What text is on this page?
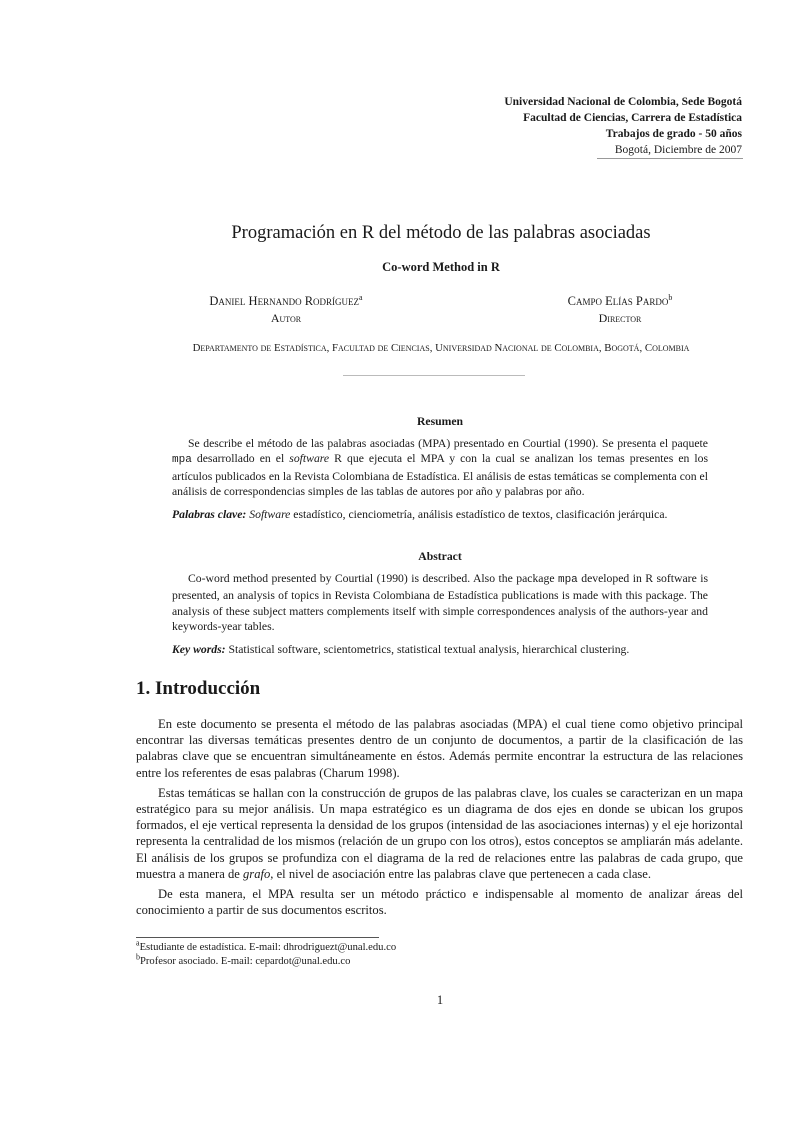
Universidad Nacional de Colombia, Sede Bogotá
Facultad de Ciencias, Carrera de Estadística
Trabajos de grado - 50 años
Bogotá, Diciembre de 2007
Programación en R del método de las palabras asociadas
Co-word Method in R
Daniel Hernando Rodríguez$^a$
Autor
Campo Elías Pardo$^b$
Director
Departamento de Estadística, Facultad de Ciencias, Universidad Nacional de Colombia, Bogotá, Colombia
Resumen
Se describe el método de las palabras asociadas (MPA) presentado en Courtial (1990). Se presenta el paquete mpa desarrollado en el software R que ejecuta el MPA y con la cual se analizan los temas presentes en los artículos publicados en la Revista Colombiana de Estadística. El análisis de estas temáticas se complementa con el análisis de correspondencias simples de las tablas de autores por año y palabras por año.
Palabras clave: Software estadístico, cienciometría, análisis estadístico de textos, clasificación jerárquica.
Abstract
Co-word method presented by Courtial (1990) is described. Also the package mpa developed in R software is presented, an analysis of topics in Revista Colombiana de Estadística publications is made with this package. The analysis of these subject matters complements itself with simple correspondences analysis of the authors-year and keywords-year tables.
Key words: Statistical software, scientometrics, statistical textual analysis, hierarchical clustering.
1. Introducción
En este documento se presenta el método de las palabras asociadas (MPA) el cual tiene como objetivo principal encontrar las diversas temáticas presentes dentro de un conjunto de documentos, a partir de la clasificación de las palabras clave que se encuentran simultáneamente en éstos. Además permite encontrar la estructura de las relaciones entre los referentes de esas palabras (Charum 1998).
Estas temáticas se hallan con la construcción de grupos de las palabras clave, los cuales se caracterizan en un mapa estratégico para su mejor análisis. Un mapa estratégico es un diagrama de dos ejes en donde se ubican los grupos formados, el eje vertical representa la densidad de los grupos (intensidad de las asociaciones internas) y el eje horizontal representa la centralidad de los mismos (relación de un grupo con los otros), estos conceptos se ampliarán más adelante. El análisis de los grupos se profundiza con el diagrama de la red de relaciones entre las palabras de cada grupo, que muestra a manera de grafo, el nivel de asociación entre las palabras clave que pertenecen a cada clase.
De esta manera, el MPA resulta ser un método práctico e indispensable al momento de analizar áreas del conocimiento a partir de sus documentos escritos.
$^a$Estudiante de estadística. E-mail: dhrodriguezt@unal.edu.co
$^b$Profesor asociado. E-mail: cepardot@unal.edu.co
1
